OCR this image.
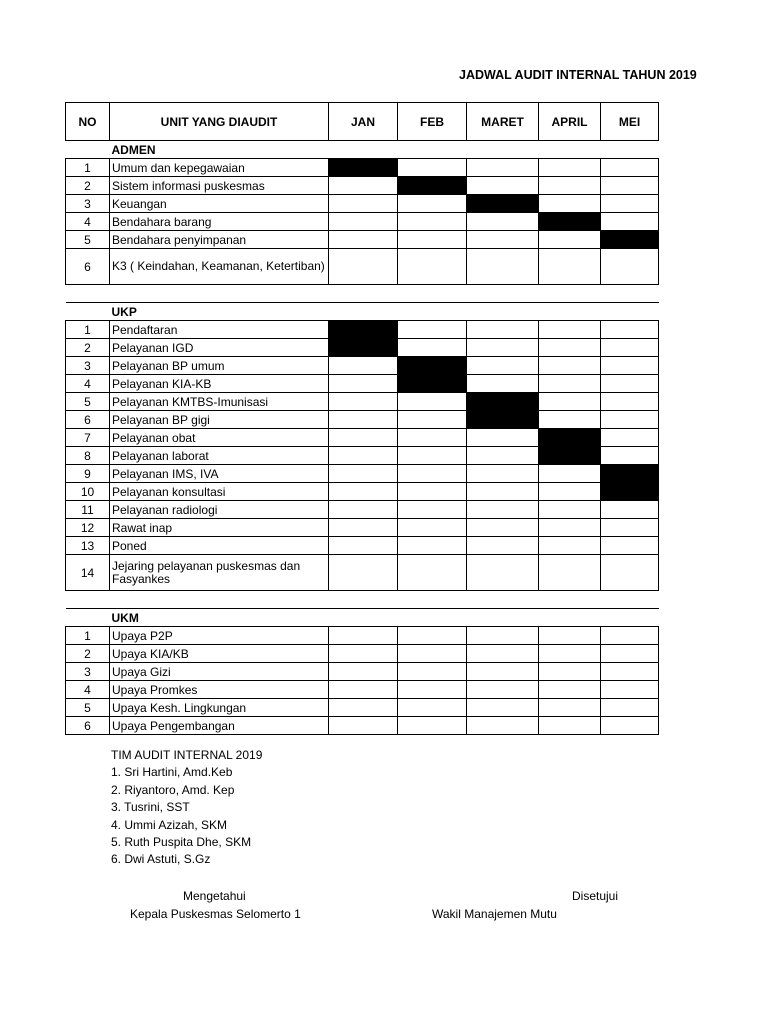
JADWAL AUDIT INTERNAL TAHUN 2019
NO	UNIT YANG DIAUDIT	JAN	FEB	MARET	APRIL	MEI
	ADMEN					
1	Umum dan kepegawaian					
2	Sistem informasi puskesmas					
3	Keuangan					
4	Bendahara barang					
5	Bendahara penyimpanan					
6	K3 ( Keindahan, Keamanan, Ketertiban)					

	UKP					
1	Pendaftaran					
2	Pelayanan IGD					
3	Pelayanan BP umum					
4	Pelayanan KIA-KB					
5	Pelayanan KMTBS-Imunisasi					
6	Pelayanan BP gigi					
7	Pelayanan obat					
8	Pelayanan laborat					
9	Pelayanan IMS, IVA					
10	Pelayanan konsultasi					
11	Pelayanan radiologi					
12	Rawat inap					
13	Poned					
14	Jejaring pelayanan puskesmas dan Fasyankes					

	UKM					
1	Upaya P2P					
2	Upaya KIA/KB					
3	Upaya Gizi					
4	Upaya Promkes					
5	Upaya Kesh. Lingkungan					
6	Upaya Pengembangan					
TIM AUDIT INTERNAL 2019
1. Sri Hartini, Amd.Keb
2. Riyantoro, Amd. Kep
3. Tusrini, SST
4. Ummi Azizah, SKM
5. Ruth Puspita Dhe, SKM
6. Dwi Astuti, S.Gz
Mengetahui
Kepala Puskesmas Selomerto 1
Disetujui
Wakil Manajemen Mutu
